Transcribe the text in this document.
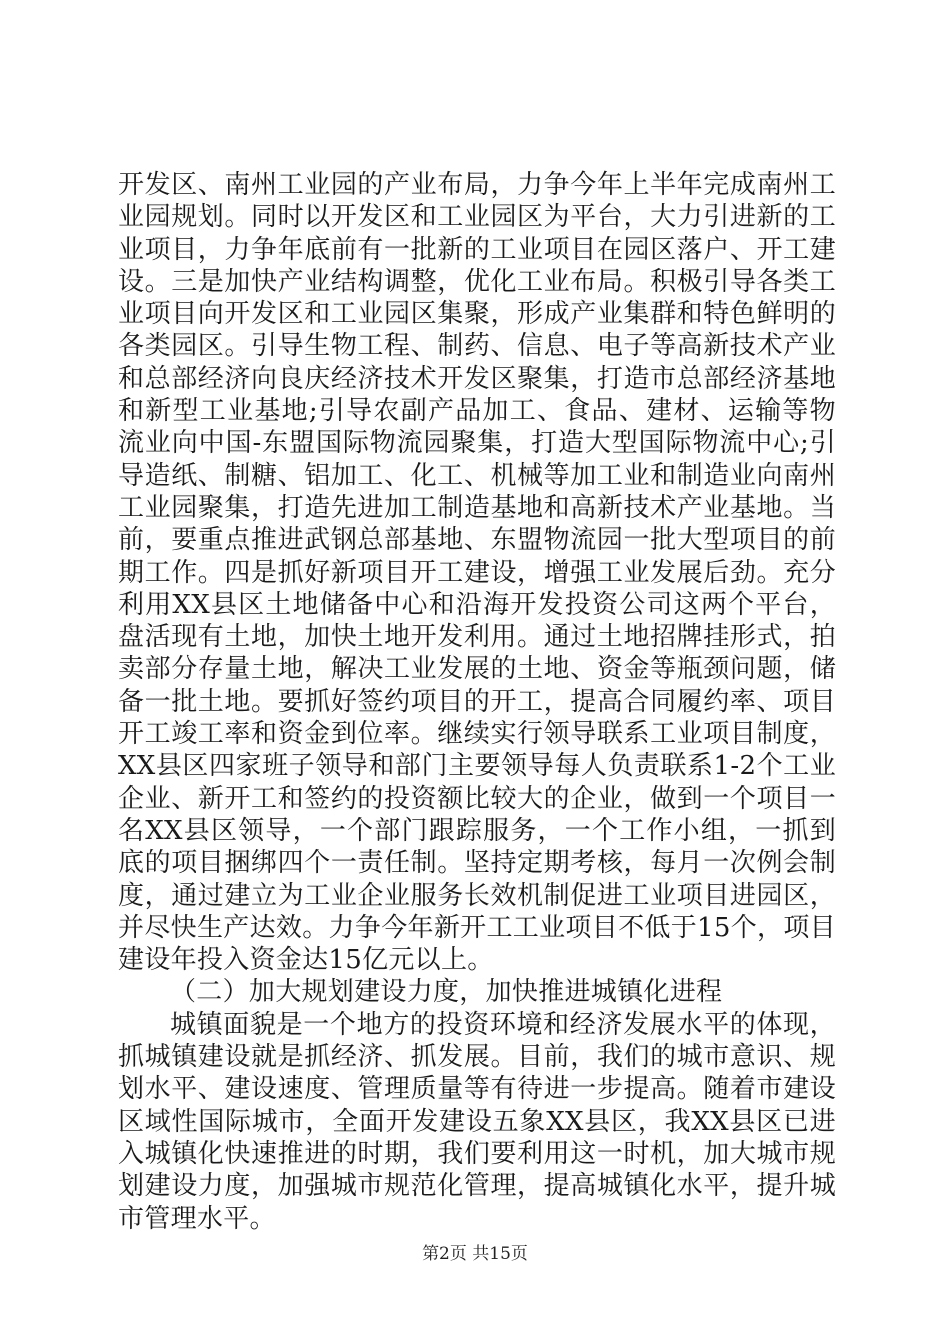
开发区、南州工业园的产业布局，力争今年上半年完成南州工业园规划。同时以开发区和工业园区为平台，大力引进新的工业项目，力争年底前有一批新的工业项目在园区落户、开工建设。三是加快产业结构调整，优化工业布局。积极引导各类工业项目向开发区和工业园区集聚，形成产业集群和特色鲜明的各类园区。引导生物工程、制药、信息、电子等高新技术产业和总部经济向良庆经济技术开发区聚集，打造市总部经济基地和新型工业基地;引导农副产品加工、食品、建材、运输等物流业向中国-东盟国际物流园聚集，打造大型国际物流中心;引导造纸、制糖、铝加工、化工、机械等加工业和制造业向南州工业园聚集，打造先进加工制造基地和高新技术产业基地。当前，要重点推进武钢总部基地、东盟物流园一批大型项目的前期工作。四是抓好新项目开工建设，增强工业发展后劲。充分利用XX县区土地储备中心和沿海开发投资公司这两个平台，盘活现有土地，加快土地开发利用。通过土地招牌挂形式，拍卖部分存量土地，解决工业发展的土地、资金等瓶颈问题，储备一批土地。要抓好签约项目的开工，提高合同履约率、项目开工竣工率和资金到位率。继续实行领导联系工业项目制度，XX县区四家班子领导和部门主要领导每人负责联系1-2个工业企业、新开工和签约的投资额比较大的企业，做到一个项目一名XX县区领导，一个部门跟踪服务，一个工作小组，一抓到底的项目捆绑四个一责任制。坚持定期考核，每月一次例会制度，通过建立为工业企业服务长效机制促进工业项目进园区，并尽快生产达效。力争今年新开工工业项目不低于15个，项目建设年投入资金达15亿元以上。

（二）加大规划建设力度，加快推进城镇化进程

城镇面貌是一个地方的投资环境和经济发展水平的体现，抓城镇建设就是抓经济、抓发展。目前，我们的城市意识、规划水平、建设速度、管理质量等有待进一步提高。随着市建设区域性国际城市，全面开发建设五象XX县区，我XX县区已进入城镇化快速推进的时期，我们要利用这一时机，加大城市规划建设力度，加强城市规范化管理，提高城镇化水平，提升城市管理水平。

第2页 共15页
